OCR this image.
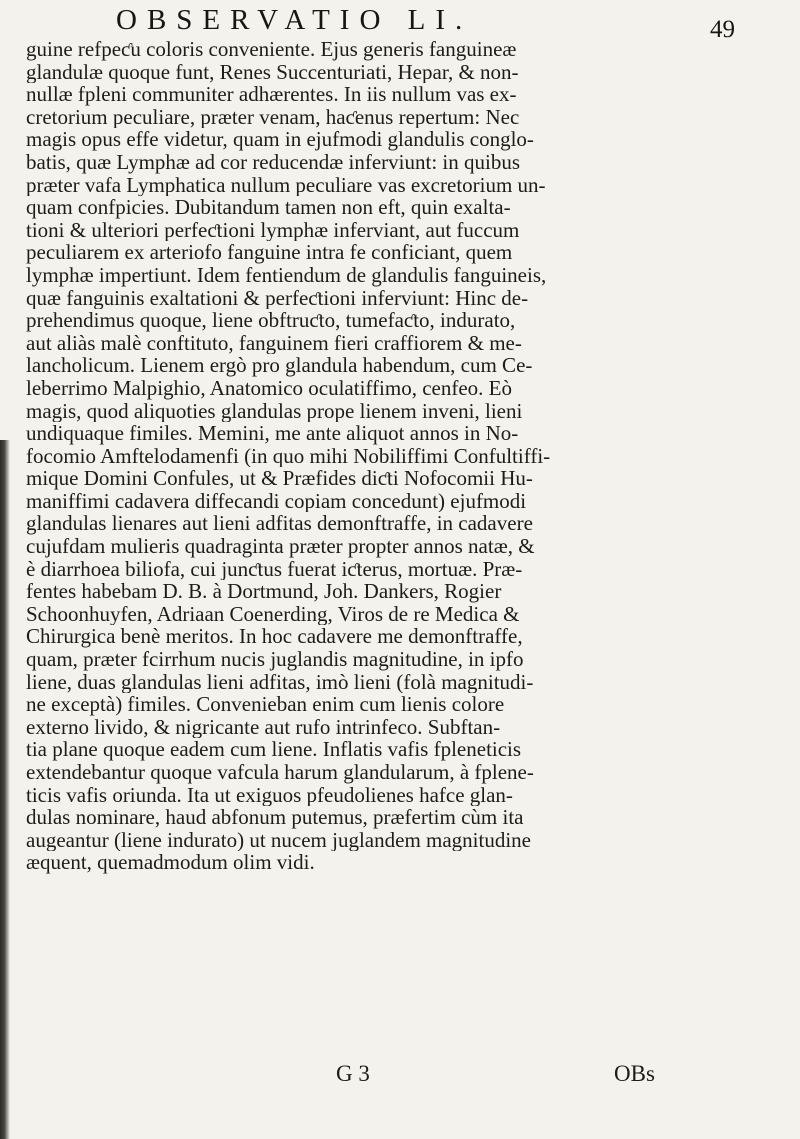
OBSERVATIO LI.	49
guine refpeƈu coloris conveniente. Ejus generis fanguineæ
glandulæ quoque funt, Renes Succenturiati, Hepar, & non-
nullæ fpleni communiter adhærentes. In iis nullum vas ex-
cretorium peculiare, præter venam, haƈenus repertum: Nec
magis opus effe videtur, quam in ejufmodi glandulis conglo-
batis, quæ Lymphæ ad cor reducendæ inferviunt: in quibus
præter vafa Lymphatica nullum peculiare vas excretorium un-
quam confpicies. Dubitandum tamen non eft, quin exalta-
tioni & ulteriori perfeƈtioni lymphæ inferviant, aut fuccum
peculiarem ex arteriofo fanguine intra fe conficiant, quem
lymphæ impertiunt. Idem fentiendum de glandulis fanguineis,
quæ fanguinis exaltationi & perfeƈtioni inferviunt: Hinc de-
prehendimus quoque, liene obftruƈto, tumefaƈto, indurato,
aut aliàs malè conftituto, fanguinem fieri craffiorem & me-
lancholicum. Lienem ergò pro glandula habendum, cum Ce-
leberrimo Malpighio, Anatomico oculatiffimo, cenfeo. Eò
magis, quod aliquoties glandulas prope lienem inveni, lieni
undiquaque fimiles. Memini, me ante aliquot annos in No-
focomio Amftelodamenfi (in quo mihi Nobiliffimi Confultiffi-
mique Domini Confules, ut & Præfides diƈti Nofocomii Hu-
maniffimi cadavera diffecandi copiam concedunt) ejufmodi
glandulas lienares aut lieni adfitas demonftraffe, in cadavere
cujufdam mulieris quadraginta præter propter annos natæ, &
è diarrhoea biliofa, cui junƈtus fuerat iƈterus, mortuæ. Præ-
fentes habebam D. B. à Dortmund, Joh. Dankers, Rogier
Schoonhuyfen, Adriaan Coenerding, Viros de re Medica &
Chirurgica benè meritos. In hoc cadavere me demonftraffe,
quam, præter fcirrhum nucis juglandis magnitudine, in ipfo
liene, duas glandulas lieni adfitas, imò lieni (folà magnitudi-
ne exceptà) fimiles. Convenieban enim cum lienis colore
externo livido, & nigricante aut rufo intrinfeco. Subftan-
tia plane quoque eadem cum liene. Inflatis vafis fpleneticis
extendebantur quoque vafcula harum glandularum, à fplene-
ticis vafis oriunda. Ita ut exiguos pfeudolienes hafce glan-
dulas nominare, haud abfonum putemus, præfertim cùm ita
augeantur (liene indurato) ut nucem juglandem magnitudine
æquent, quemadmodum olim vidi.
G 3	OBs
